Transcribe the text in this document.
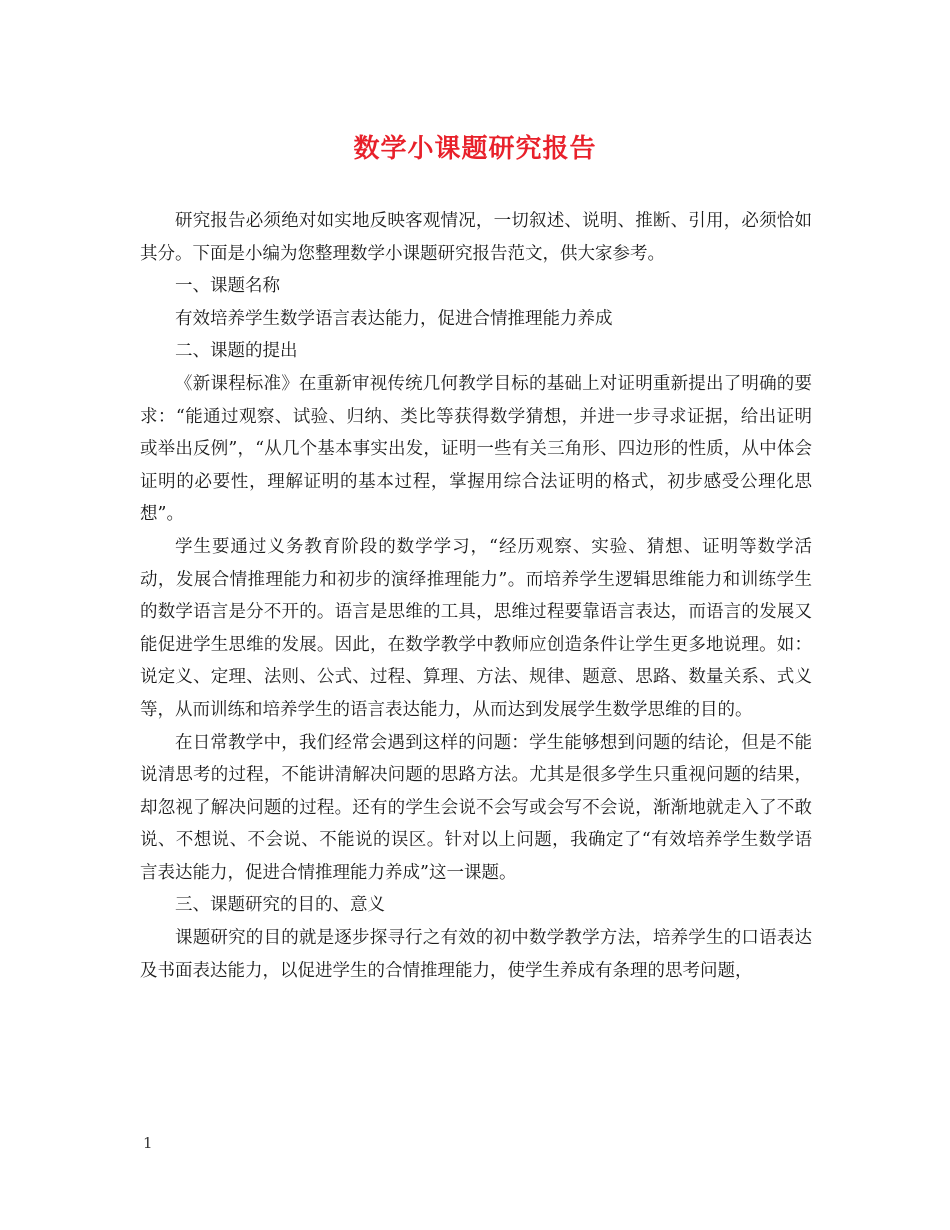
数学小课题研究报告

研究报告必须绝对如实地反映客观情况，一切叙述、说明、推断、引用，必须恰如其分。下面是小编为您整理数学小课题研究报告范文，供大家参考。

一、课题名称

有效培养学生数学语言表达能力，促进合情推理能力养成

二、课题的提出

《新课程标准》在重新审视传统几何教学目标的基础上对证明重新提出了明确的要求：“能通过观察、试验、归纳、类比等获得数学猜想，并进一步寻求证据，给出证明或举出反例”，“从几个基本事实出发，证明一些有关三角形、四边形的性质，从中体会证明的必要性，理解证明的基本过程，掌握用综合法证明的格式，初步感受公理化思想”。

学生要通过义务教育阶段的数学学习，“经历观察、实验、猜想、证明等数学活动，发展合情推理能力和初步的演绎推理能力”。而培养学生逻辑思维能力和训练学生的数学语言是分不开的。语言是思维的工具，思维过程要靠语言表达，而语言的发展又能促进学生思维的发展。因此，在数学教学中教师应创造条件让学生更多地说理。如：说定义、定理、法则、公式、过程、算理、方法、规律、题意、思路、数量关系、式义等，从而训练和培养学生的语言表达能力，从而达到发展学生数学思维的目的。

在日常教学中，我们经常会遇到这样的问题：学生能够想到问题的结论，但是不能说清思考的过程，不能讲清解决问题的思路方法。尤其是很多学生只重视问题的结果，却忽视了解决问题的过程。还有的学生会说不会写或会写不会说，渐渐地就走入了不敢说、不想说、不会说、不能说的误区。针对以上问题，我确定了“有效培养学生数学语言表达能力，促进合情推理能力养成”这一课题。

三、课题研究的目的、意义

课题研究的目的就是逐步探寻行之有效的初中数学教学方法，培养学生的口语表达及书面表达能力，以促进学生的合情推理能力，使学生养成有条理的思考问题，

1
